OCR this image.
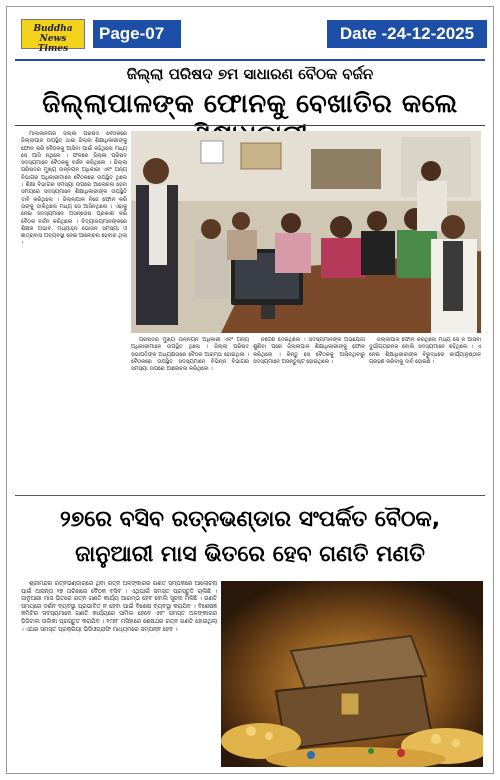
Buddha News Times
Page-07	Date -24-12-2025
ଜିଲ୍ଲା ପରିଷଦ ୭ମ ସାଧାରଣ ବୈଠକ ବର୍ଜନ
ଜିଲ୍ଲାପାଳଙ୍କ ଫୋନକୁ ବେଖାତିର କଲେ

ମାଲକାନଗିରି ଜିଲ୍ଲା ପରିଷଦ ବୈଠକରେ ଜିଲ୍ଲାପାଳ ଉପସ୍ଥିତ ଥାଇ ଜିଲ୍ଲା ଶିକ୍ଷାଧିକାରୀଙ୍କୁ ଫୋନ କରି ବୈଠକକୁ ଆସିବା ପାଇଁ କହିଥିଲେ ମଧ୍ୟ ସେ ଆସି ନଥିଲେ । ଫଳରେ ଜିଲ୍ଲା ପରିଷଦ ସଦସ୍ୟମାନେ ବୈଠକକୁ ବର୍ଜନ କରିଥିଲେ । ଜିଲ୍ଲା ପରିଷଦର ମୁଖ୍ୟ ଉନ୍ନୟନ ଅଧିକାରୀ ଏବଂ ଅନ୍ୟ ବିଭାଗର ଅଧିକାରୀମାନେ ବୈଠକରେ ଉପସ୍ଥିତ ଥିଲେ । ଶିକ୍ଷା ବିଭାଗର ସମସ୍ୟା ଉପରେ ଆଲୋଚନା ହେବା ସମୟରେ ସଦସ୍ୟମାନେ ଶିକ୍ଷାଧିକାରୀଙ୍କ ଉପସ୍ଥିତି ଦାବି କରିଥିଲେ । ଜିଲ୍ଲାପାଳ ନିଜେ ଫୋନ କରି ତାଙ୍କୁ ଡାକିଥିଲେ ମଧ୍ୟ ସେ ଆସିନଥିଲେ । ଏହାକୁ ନେଇ ସଦସ୍ୟମାନେ ଅସନ୍ତୋଷ ପ୍ରକାଶ କରି ବୈଠକ ବର୍ଜନ କରିଥିଲେ । ବିଦ୍ୟାଳୟମାନଙ୍କରେ ଶିକ୍ଷକ ଅଭାବ, ମଧ୍ୟାହ୍ନ ଭୋଜନ ସମସ୍ୟା ଓ ଛାତ୍ରାବାସ ଅବ୍ୟବସ୍ଥା ନେଇ ଆଲୋଚନା ହେବାର ଥିଲା ।

ପରିଷଦର ମୁଖ୍ୟ ଉନ୍ନୟନ ଅଧିକାରୀ ଏବଂ ଅନ୍ୟ ଅଧିକାରୀମାନେ ଉପସ୍ଥିତ ଥିଲେ । ଜିଲ୍ଲା ପରିଷଦ ସଭାପତିଙ୍କ ଅଧ୍ୟକ୍ଷତାରେ ବୈଠକ ଆରମ୍ଭ ହୋଇଥିଲା । ବୈଠକରେ ଉପସ୍ଥିତ ସଦସ୍ୟମାନେ ବିଭିନ୍ନ ବିଭାଗର ସମସ୍ୟା ଉପରେ ଆଲୋଚନା କରିଥିଲେ ।

ନିର୍ଦ୍ଦେଶ ଦେଇଥିଲେ । ସଦସ୍ୟମାନଙ୍କ ଅଭିଯୋଗ ଶୁଣିବା ପରେ ଜିଲ୍ଲାପାଳ ଶିକ୍ଷାଧିକାରୀଙ୍କୁ ଫୋନ କରିଥିଲେ । କିନ୍ତୁ ସେ ବୈଠକକୁ ଆସିନଥିବାରୁ ସଦସ୍ୟମାନେ ଅସନ୍ତୁଷ୍ଟ ହୋଇଥିଲେ ।

ଜିଲ୍ଲାପାଳ ଫୋନ କରିଥିଲେ ମଧ୍ୟ ସେ ନ ଆସିବା ଦୁର୍ଭାଗ୍ୟଜନକ ବୋଲି ସଦସ୍ୟମାନେ କହିଥିଲେ । ଏ ନେଇ ଶିକ୍ଷାଧିକାରୀଙ୍କ ବିରୁଦ୍ଧରେ କାର୍ଯ୍ୟାନୁଷ୍ଠାନ ଗ୍ରହଣ କରିବାକୁ ଦାବି ହୋଇଛି ।

୨୭ରେ ବସିବ ରତ୍ନଭଣ୍ଡାର ସଂପର୍କିତ ବୈଠକ,
ଜାନୁଆରୀ ମାସ ଭିତରେ ହେବ ଗଣତି ମଣତି

ଶ୍ରୀମନ୍ଦିର ରତ୍ନଭଣ୍ଡାରରେ ଥିବା ରତ୍ନ ଅଳଙ୍କାରର ଗଣତି ସମ୍ପର୍କରେ ଆଲୋଚନା ପାଇଁ ଆସନ୍ତା ୨୭ ତାରିଖରେ ବୈଠକ ବସିବ । ଏଥିପାଇଁ ସମସ୍ତ ପ୍ରସ୍ତୁତି ଚାଲିଛି । ଜାନୁଆରୀ ମାସ ଭିତରେ ରତ୍ନ ଗଣତି କାର୍ଯ୍ୟ ଆରମ୍ଭ ହେବ ବୋଲି ସୂଚନା ମିଳିଛି । ଗଣତି ସମୟରେ ଦର୍ଶନ ବ୍ୟବସ୍ଥା ପ୍ରଭାବିତ ନ ହେବା ପାଇଁ ବିଶେଷ ବ୍ୟବସ୍ଥା କରାଯିବ । ବିଶେଷଜ୍ଞ କମିଟିର ସଦସ୍ୟମାନେ ଗଣତି କାର୍ଯ୍ୟରେ ସାମିଲ ହେବେ ଏବଂ ସମସ୍ତ ଅଳଙ୍କାରର ଡିଜିଟାଲ ତାଲିକା ପ୍ରସ୍ତୁତ କରାଯିବ । ୧୯୭୮ ମସିହାରେ ଶେଷଥର ରତ୍ନ ଗଣତି ହୋଇଥିଲା । ଏଥର ସମସ୍ତ ପ୍ରକ୍ରିୟା ଭିଡିଓଗ୍ରାଫି ମାଧ୍ୟମରେ ସମ୍ପନ୍ନ ହେବ ।
